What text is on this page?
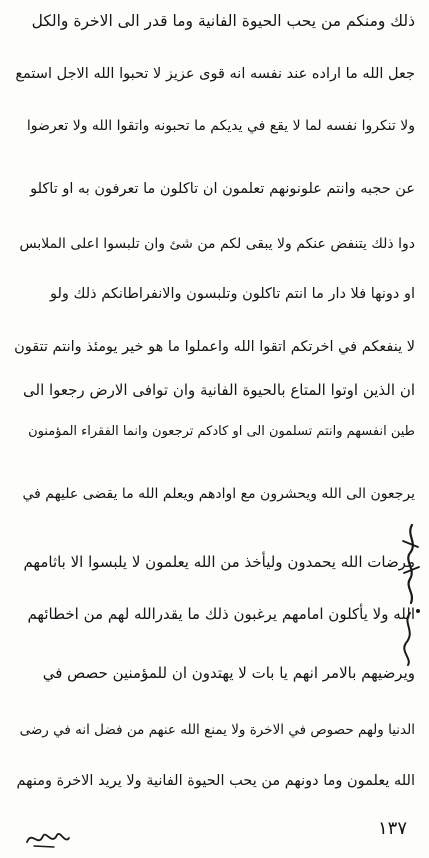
ذلك ومنكم من يحب الحيوة الفانية وما قدر الى الاخرة والكل
جعل الله ما اراده عند نفسه انه قوى عزيز لا تحبوا الله الاجل استمع
ولا تنكروا نفسه لما لا يقع في يديكم ما تحبونه واتقوا الله ولا تعرضوا
عن حجبه وانتم علونونهم تعلمون ان تاكلون ما تعرفون به او تاكلو
دوا ذلك يتنفض عنكم ولا يبقى لكم من شئ وان تلبسوا اعلى الملابس
او دونها فلا دار ما انتم تاكلون وتلبسون والانفراطانكم ذلك ولو
لا ينفعكم في اخرتكم اتقوا الله واعملوا ما هو خير يومئذ وانتم تتقون
ان الذين اوتوا المتاع بالحيوة الفانية وان توافى الارض رجعوا الى
طين انفسهم وانتم تسلمون الى او كادكم ترجعون وانما الفقراء المؤمنون
يرجعون الى الله ويحشرون مع اوادهم ويعلم الله ما يقضى عليهم في
مرضات الله يحمدون وليأخذ من الله يعلمون لا يلبسوا الا باثامهم
الله ولا يأكلون امامهم يرغبون ذلك ما يقدرالله لهم من اخطائهم
ويرضيهم بالامر انهم يا بات لا يهتدون ان للمؤمنين حصص في
الدنيا ولهم حصوص في الاخرة ولا يمنع الله عنهم من فضل انه في رضى
الله يعلمون وما دونهم من يحب الحيوة الفانية ولا يريد الاخرة ومنهم
١٣٧
